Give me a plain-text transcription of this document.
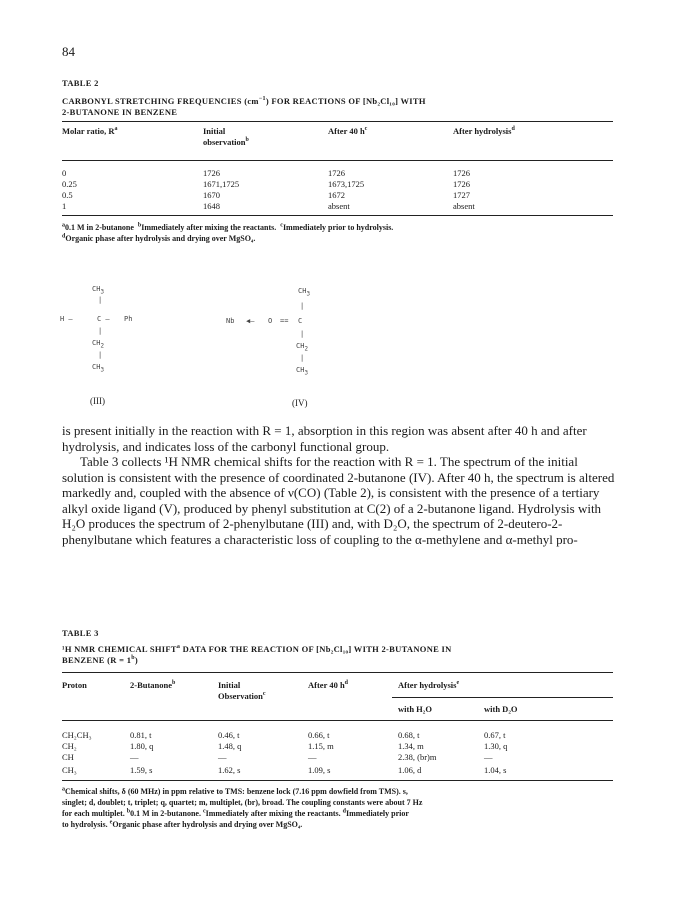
84
TABLE 2
CARBONYL STRETCHING FREQUENCIES $(cm^{-1})$ FOR REACTIONS OF [Nb₂Cl₁₀] WITH
2-BUTANONE IN BENZENE
Molar ratio, $R^a$	Initial
observation$^b$
After 40 $h^c$	After hydrolysis$^d$
0	1726	1726	1726
0.25	1671,1725	1673,1725	1726
0.5	1670	1672	1727
1	1648	absent	absent
$^a$0.1 M in 2-butanone $^b$Immediately after mixing the reactants. $^c$Immediately prior to hydrolysis.
$^d$Organic phase after hydrolysis and drying over MgSO₄.
$CH_3$
|
H —	C — Ph
|
$CH_2$
|
$CH_3$
(III)
$CH_3$
|
Nb ◀— O == C
|
$CH_2$
|
$CH_3$
(IV)

is present initially in the reaction with R = 1, absorption in this region was absent after 40 h and after hydrolysis, and indicates loss of the carbonyl functional group.

Table 3 collects ¹H NMR chemical shifts for the reaction with R = 1. The spectrum of the initial solution is consistent with the presence of coordinated 2-butanone (IV). After 40 h, the spectrum is altered markedly and, coupled with the absence of ν(CO) (Table 2), is consistent with the presence of a tertiary alkyl oxide ligand (V), produced by phenyl substitution at C(2) of a 2-butanone ligand. Hydrolysis with H₂O produces the spectrum of 2-phenylbutane (III) and, with D₂O, the spectrum of 2-deutero-2-phenylbutane which features a characteristic loss of coupling to the α-methylene and α-methyl pro-

TABLE 3
¹H NMR CHEMICAL SHIFT$^a$ DATA FOR THE REACTION OF [Nb₂Cl₁₀] WITH 2-BUTANONE IN
BENZENE $(R = 1^b)$
Proton	2-Butanone$^b$	Initial
Observation$^c$
After 40 $h^d$	After hydrolysis$^e$
with H₂O	with D₂O
CH₂CH₃	0.81, t	0.46, t	0.66, t	0.68, t	0.67, t
CH₂	1.80, q	1.48, q	1.15, m	1.34, m	1.30, q
CH	—	—	—	2.38, (br)m	—
CH₃	1.59, s	1.62, s	1.09, s	1.06, d	1.04, s
$^a$Chemical shifts, δ (60 MHz) in ppm relative to TMS: benzene lock (7.16 ppm dowfield from TMS). s,
singlet; d, doublet; t, triplet; q, quartet; m, multiplet, (br), broad. The coupling constants were about 7 Hz
for each multiplet. $^b$0.1 M in 2-butanone. $^c$Immediately after mixing the reactants. $^d$Immediately prior
to hydrolysis. $^e$Organic phase after hydrolysis and drying over MgSO₄.
